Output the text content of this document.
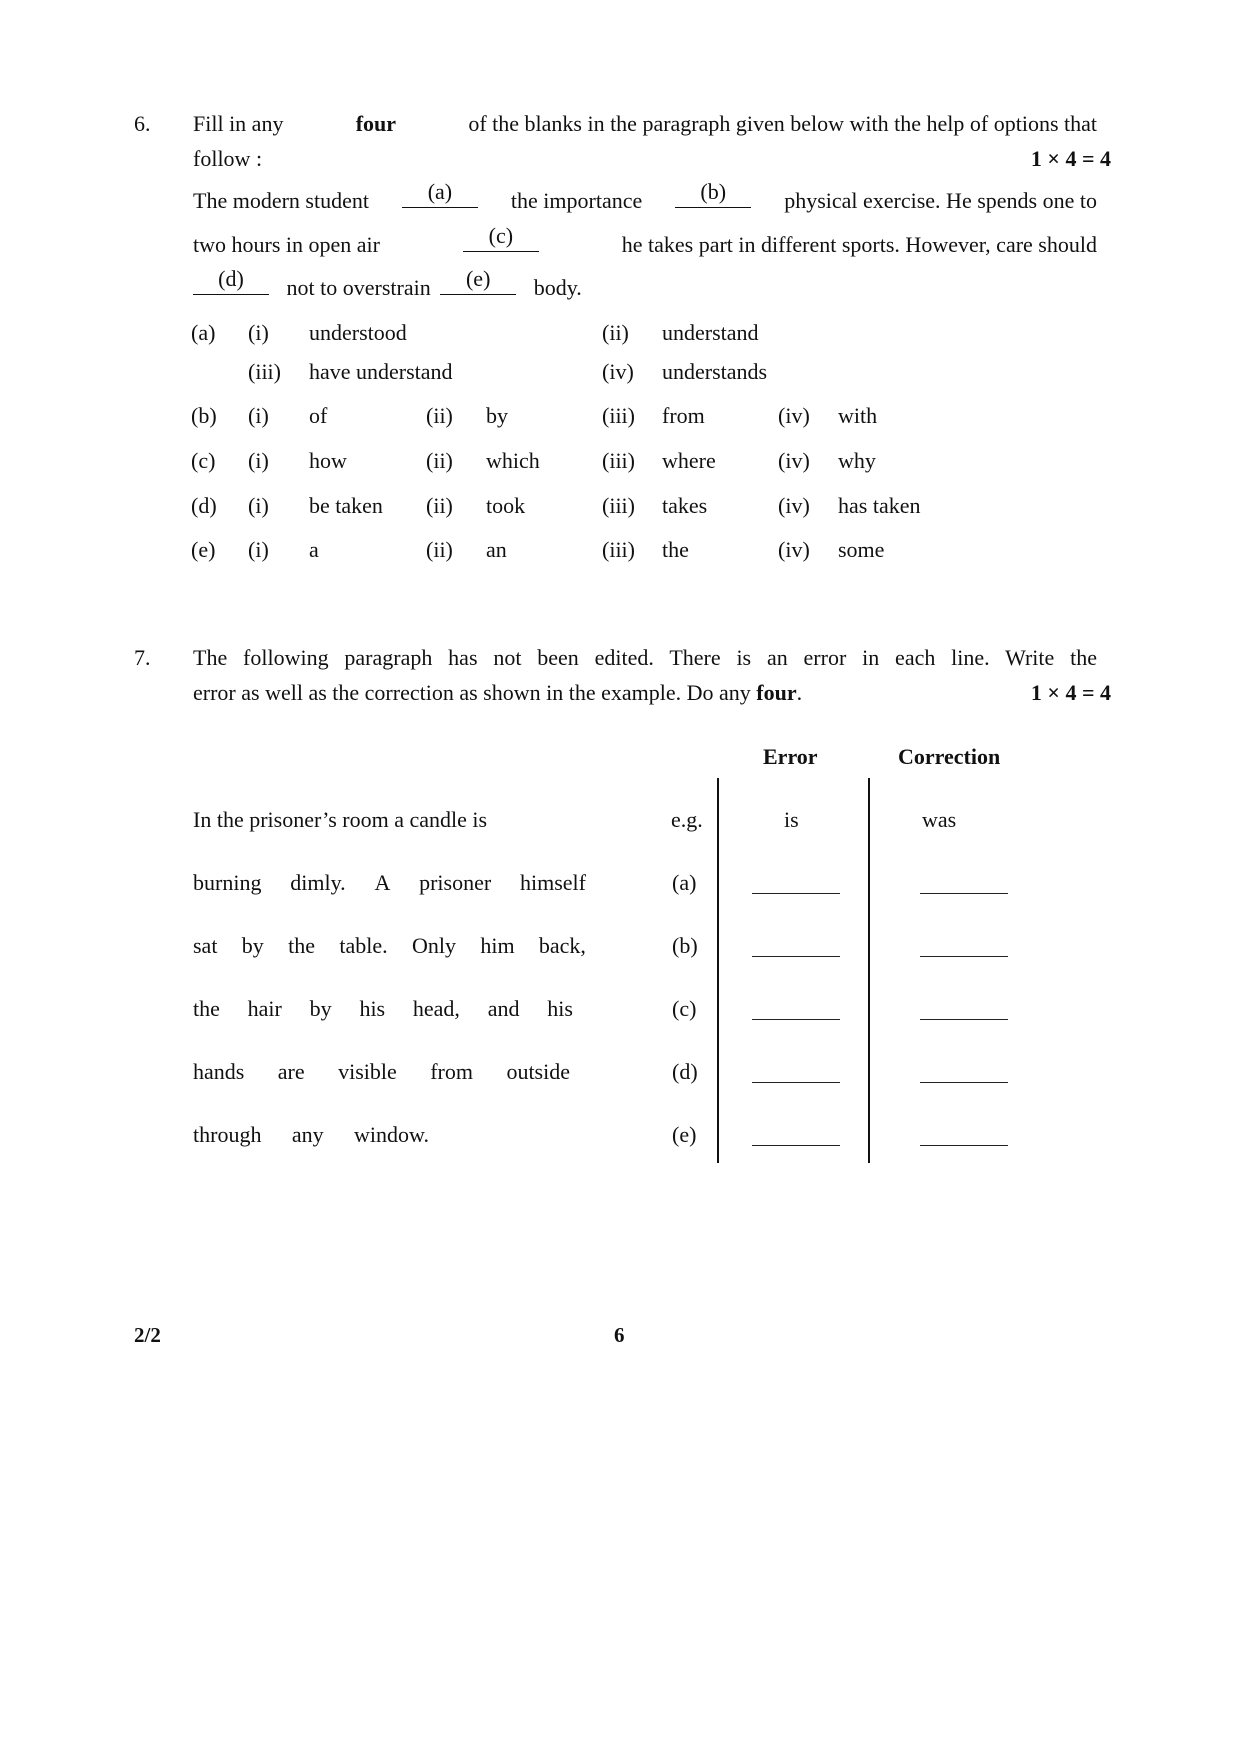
6. Fill in any	four	of the blanks in the paragraph given below with the help of options that
follow :	1 × 4 = 4
The modern student	(a)	the importance	(b)	physical exercise. He spends one to
two hours in open air	(c)	he takes part in different sports. However, care should
(d)	not to overstrain	(e)	body.
(a) (i) understood	(ii) understand
(iii) have understand	(iv) understands
(b) (i) of	(ii) by	(iii) from	(iv) with
(c) (i) how	(ii) which	(iii) where	(iv) why
(d) (i) be taken (ii) took	(iii) takes	(iv) has taken
(e) (i) a	(ii) an	(iii) the	(iv) some
7. The following paragraph has not been edited. There is an error in each line. Write the
error as well as the correction as shown in the example. Do any four.	1 × 4 = 4
Error	Correction
In the prisoner’s room a candle is	e.g.	is	was
burning dimly. A prisoner himself	(a)
sat by the table. Only him back,	(b)
the hair by his head, and his	(c)
hands are visible from outside	(d)
through any window.	(e)
2/2	6
